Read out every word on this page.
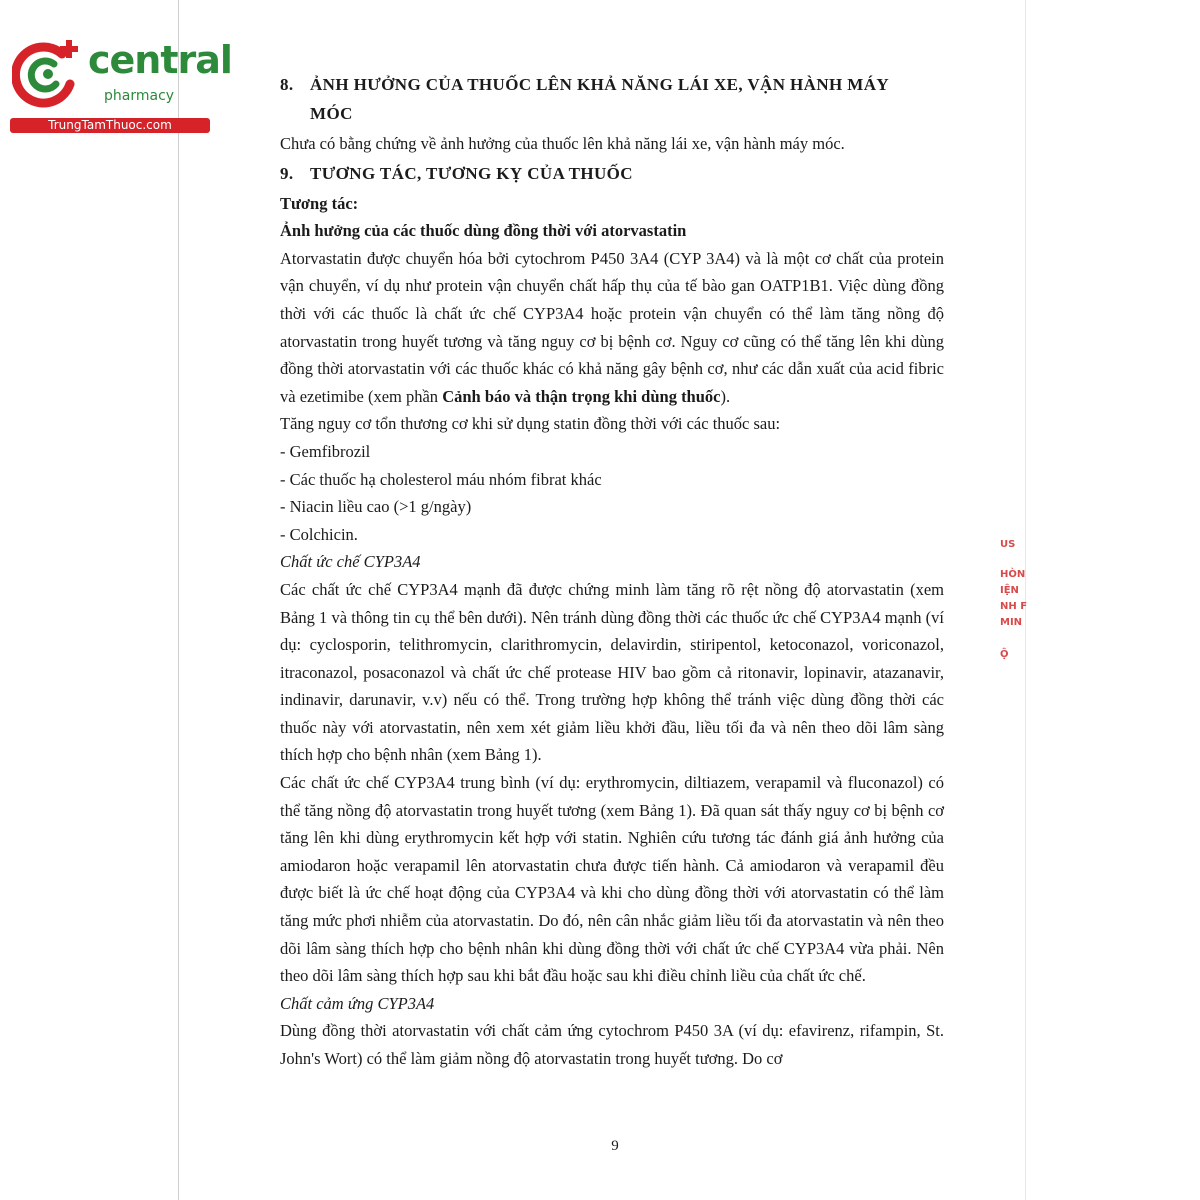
central
pharmacy
TrungTamThuoc.com

8. ẢNH HƯỞNG CỦA THUỐC LÊN KHẢ NĂNG LÁI XE, VẬN HÀNH MÁY

MÓC

Chưa có bằng chứng về ảnh hưởng của thuốc lên khả năng lái xe, vận hành máy móc.

9. TƯƠNG TÁC, TƯƠNG KỴ CỦA THUỐC

Tương tác:

Ảnh hưởng của các thuốc dùng đồng thời với atorvastatin

Atorvastatin được chuyển hóa bởi cytochrom P450 3A4 (CYP 3A4) và là một cơ chất của protein vận chuyển, ví dụ như protein vận chuyển chất hấp thụ của tế bào gan OATP1B1. Việc dùng đồng thời với các thuốc là chất ức chế CYP3A4 hoặc protein vận chuyển có thể làm tăng nồng độ atorvastatin trong huyết tương và tăng nguy cơ bị bệnh cơ. Nguy cơ cũng có thể tăng lên khi dùng đồng thời atorvastatin với các thuốc khác có khả năng gây bệnh cơ, như các dẫn xuất của acid fibric và ezetimibe (xem phần Cảnh báo và thận trọng khi dùng thuốc).

Tăng nguy cơ tổn thương cơ khi sử dụng statin đồng thời với các thuốc sau:

- Gemfibrozil

- Các thuốc hạ cholesterol máu nhóm fibrat khác

- Niacin liều cao (>1 g/ngày)

- Colchicin.

Chất ức chế CYP3A4

Các chất ức chế CYP3A4 mạnh đã được chứng minh làm tăng rõ rệt nồng độ atorvastatin (xem Bảng 1 và thông tin cụ thể bên dưới). Nên tránh dùng đồng thời các thuốc ức chế CYP3A4 mạnh (ví dụ: cyclosporin, telithromycin, clarithromycin, delavirdin, stiripentol, ketoconazol, voriconazol, itraconazol, posaconazol và chất ức chế protease HIV bao gồm cả ritonavir, lopinavir, atazanavir, indinavir, darunavir, v.v) nếu có thể. Trong trường hợp không thể tránh việc dùng đồng thời các thuốc này với atorvastatin, nên xem xét giảm liều khởi đầu, liều tối đa và nên theo dõi lâm sàng thích hợp cho bệnh nhân (xem Bảng 1).

Các chất ức chế CYP3A4 trung bình (ví dụ: erythromycin, diltiazem, verapamil và fluconazol) có thể tăng nồng độ atorvastatin trong huyết tương (xem Bảng 1). Đã quan sát thấy nguy cơ bị bệnh cơ tăng lên khi dùng erythromycin kết hợp với statin. Nghiên cứu tương tác đánh giá ảnh hưởng của amiodaron hoặc verapamil lên atorvastatin chưa được tiến hành. Cả amiodaron và verapamil đều được biết là ức chế hoạt động của CYP3A4 và khi cho dùng đồng thời với atorvastatin có thể làm tăng mức phơi nhiễm của atorvastatin. Do đó, nên cân nhắc giảm liều tối đa atorvastatin và nên theo dõi lâm sàng thích hợp cho bệnh nhân khi dùng đồng thời với chất ức chế CYP3A4 vừa phải. Nên theo dõi lâm sàng thích hợp sau khi bắt đầu hoặc sau khi điều chỉnh liều của chất ức chế.

Chất cảm ứng CYP3A4

Dùng đồng thời atorvastatin với chất cảm ứng cytochrom P450 3A (ví dụ: efavirenz, rifampin, St. John's Wort) có thể làm giảm nồng độ atorvastatin trong huyết tương. Do cơ

9
US
HÒN
IỆN
NH F
MIN
Ộ
